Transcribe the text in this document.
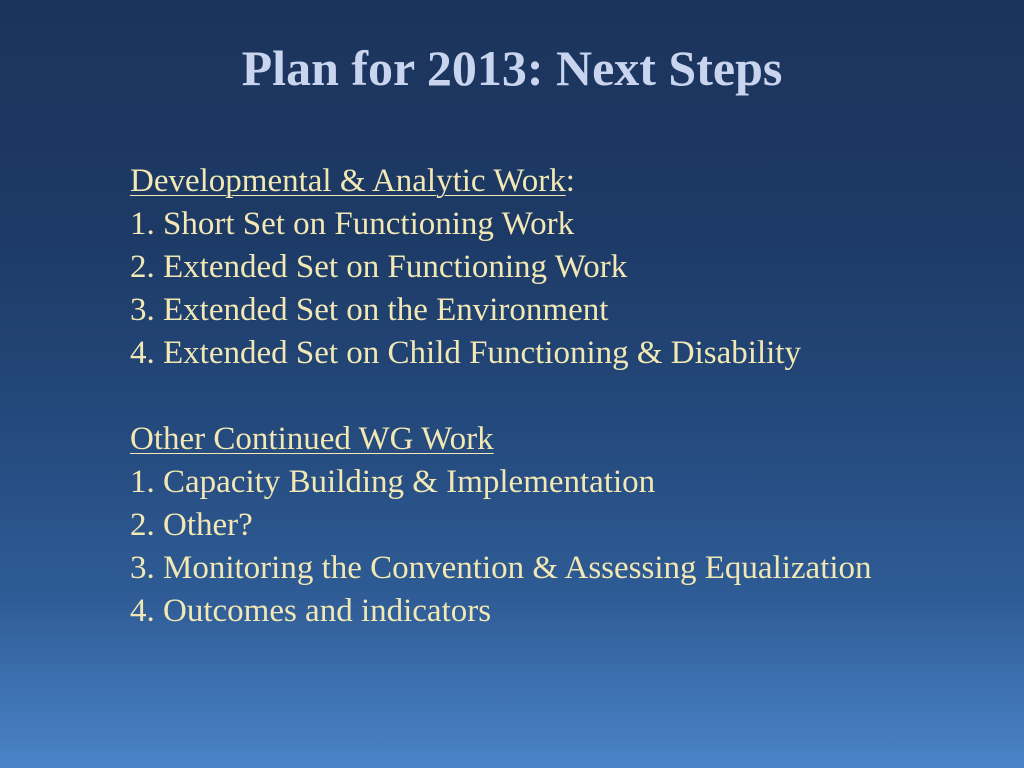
Plan for 2013: Next Steps
Developmental & Analytic Work:
1. Short Set on Functioning Work
2. Extended Set on Functioning Work
3. Extended Set on the Environment
4. Extended Set on Child Functioning & Disability
Other Continued WG Work
1. Capacity Building & Implementation
2. Other?
3. Monitoring the Convention & Assessing Equalization
4. Outcomes and indicators
